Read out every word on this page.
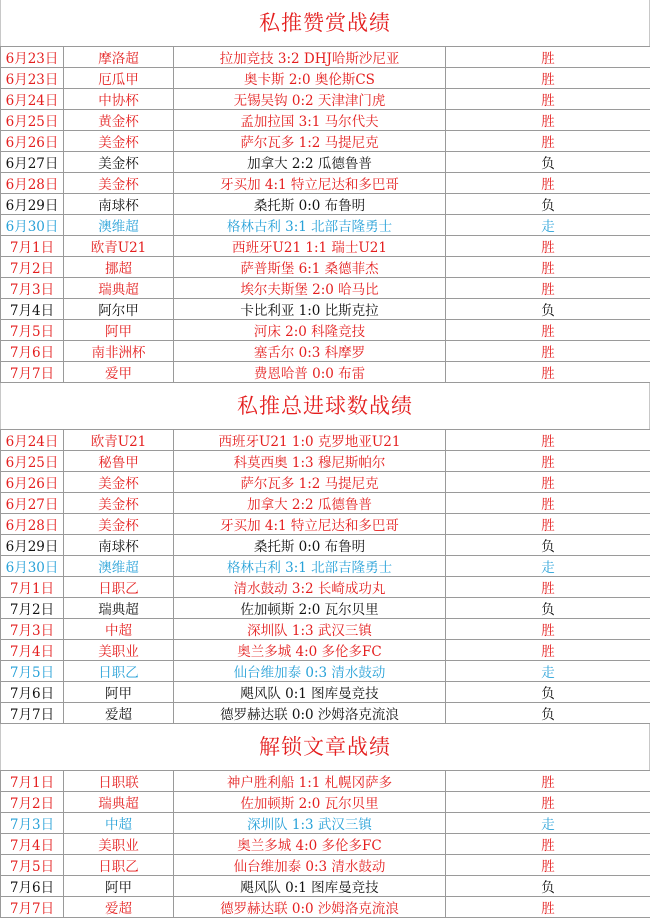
私推赞赏战绩
6月23日	摩洛超	拉加竞技 3:2 DHJ哈斯沙尼亚	胜
6月23日	厄瓜甲	奥卡斯 2:0 奥伦斯CS	胜
6月24日	中协杯	无锡吴钩 0:2 天津津门虎	胜
6月25日	黄金杯	孟加拉国 3:1 马尔代夫	胜
6月26日	美金杯	萨尔瓦多 1:2 马提尼克	胜
6月27日	美金杯	加拿大 2:2 瓜德鲁普	负
6月28日	美金杯	牙买加 4:1 特立尼达和多巴哥	胜
6月29日	南球杯	桑托斯 0:0 布鲁明	负
6月30日	澳维超	格林古利 3:1 北部吉隆勇士	走
7月1日	欧青U21	西班牙U21 1:1 瑞士U21	胜
7月2日	挪超	萨普斯堡 6:1 桑德菲杰	胜
7月3日	瑞典超	埃尔夫斯堡 2:0 哈马比	胜
7月4日	阿尔甲	卡比利亚 1:0 比斯克拉	负
7月5日	阿甲	河床 2:0 科隆竞技	胜
7月6日	南非洲杯	塞舌尔 0:3 科摩罗	胜
7月7日	爱甲	费恩哈普 0:0 布雷	胜
私推总进球数战绩
6月24日	欧青U21	西班牙U21 1:0 克罗地亚U21	胜
6月25日	秘鲁甲	科莫西奥 1:3 穆尼斯帕尔	胜
6月26日	美金杯	萨尔瓦多 1:2 马提尼克	胜
6月27日	美金杯	加拿大 2:2 瓜德鲁普	胜
6月28日	美金杯	牙买加 4:1 特立尼达和多巴哥	胜
6月29日	南球杯	桑托斯 0:0 布鲁明	负
6月30日	澳维超	格林古利 3:1 北部吉隆勇士	走
7月1日	日职乙	清水鼓动 3:2 长崎成功丸	胜
7月2日	瑞典超	佐加顿斯 2:0 瓦尔贝里	负
7月3日	中超	深圳队 1:3 武汉三镇	胜
7月4日	美职业	奥兰多城 4:0 多伦多FC	胜
7月5日	日职乙	仙台维加泰 0:3 清水鼓动	走
7月6日	阿甲	飓风队 0:1 图库曼竞技	负
7月7日	爱超	德罗赫达联 0:0 沙姆洛克流浪	负
解锁文章战绩
7月1日	日职联	神户胜利船 1:1 札幌冈萨多	胜
7月2日	瑞典超	佐加顿斯 2:0 瓦尔贝里	胜
7月3日	中超	深圳队 1:3 武汉三镇	走
7月4日	美职业	奥兰多城 4:0 多伦多FC	胜
7月5日	日职乙	仙台维加泰 0:3 清水鼓动	胜
7月6日	阿甲	飓风队 0:1 图库曼竞技	负
7月7日	爱超	德罗赫达联 0:0 沙姆洛克流浪	胜
